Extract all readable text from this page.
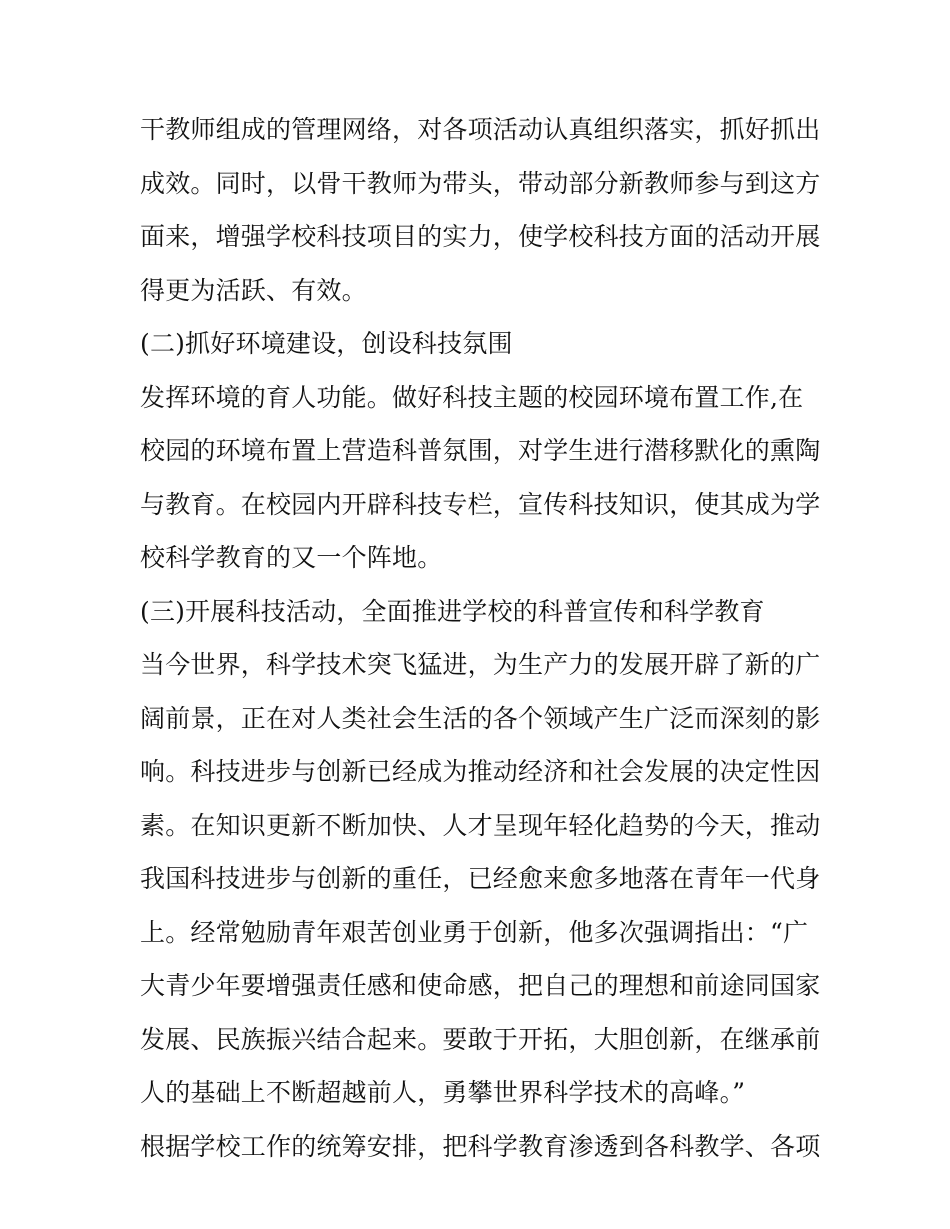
干教师组成的管理网络，对各项活动认真组织落实，抓好抓出
成效。同时，以骨干教师为带头，带动部分新教师参与到这方
面来，增强学校科技项目的实力，使学校科技方面的活动开展
得更为活跃、有效。
(二)抓好环境建设，创设科技氛围
发挥环境的育人功能。做好科技主题的校园环境布置工作,在
校园的环境布置上营造科普氛围，对学生进行潜移默化的熏陶
与教育。在校园内开辟科技专栏，宣传科技知识，使其成为学
校科学教育的又一个阵地。
(三)开展科技活动，全面推进学校的科普宣传和科学教育
当今世界，科学技术突飞猛进，为生产力的发展开辟了新的广
阔前景，正在对人类社会生活的各个领域产生广泛而深刻的影
响。科技进步与创新已经成为推动经济和社会发展的决定性因
素。在知识更新不断加快、人才呈现年轻化趋势的今天，推动
我国科技进步与创新的重任，已经愈来愈多地落在青年一代身
上。经常勉励青年艰苦创业勇于创新，他多次强调指出：“广
大青少年要增强责任感和使命感，把自己的理想和前途同国家
发展、民族振兴结合起来。要敢于开拓，大胆创新，在继承前
人的基础上不断超越前人，勇攀世界科学技术的高峰。”
根据学校工作的统筹安排，把科学教育渗透到各科教学、各项
